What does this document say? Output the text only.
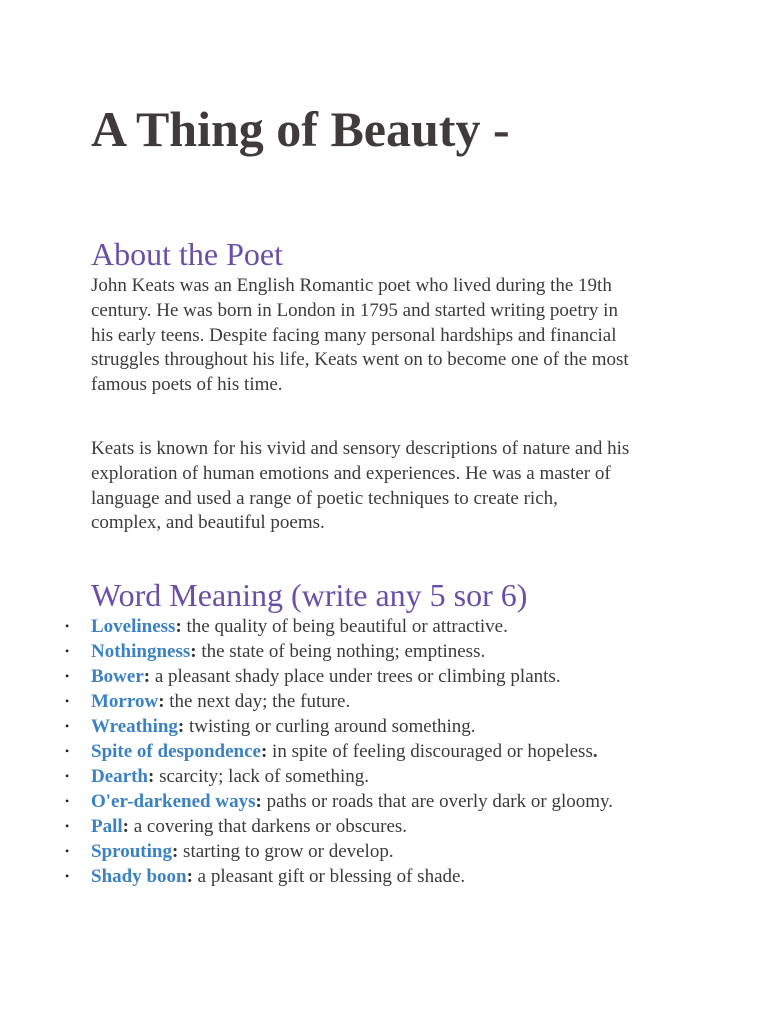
A Thing of Beauty -
About the Poet

John Keats was an English Romantic poet who lived during the 19th
century. He was born in London in 1795 and started writing poetry in
his early teens. Despite facing many personal hardships and financial
struggles throughout his life, Keats went on to become one of the most
famous poets of his time.

Keats is known for his vivid and sensory descriptions of nature and his
exploration of human emotions and experiences. He was a master of
language and used a range of poetic techniques to create rich,
complex, and beautiful poems.

Word Meaning (write any 5 sor 6)
• Loveliness: the quality of being beautiful or attractive.
• Nothingness: the state of being nothing; emptiness.
• Bower: a pleasant shady place under trees or climbing plants.
• Morrow: the next day; the future.
• Wreathing: twisting or curling around something.
• Spite of despondence: in spite of feeling discouraged or hopeless.
• Dearth: scarcity; lack of something.
• O'er-darkened ways: paths or roads that are overly dark or gloomy.
• Pall: a covering that darkens or obscures.
• Sprouting: starting to grow or develop.
• Shady boon: a pleasant gift or blessing of shade.
